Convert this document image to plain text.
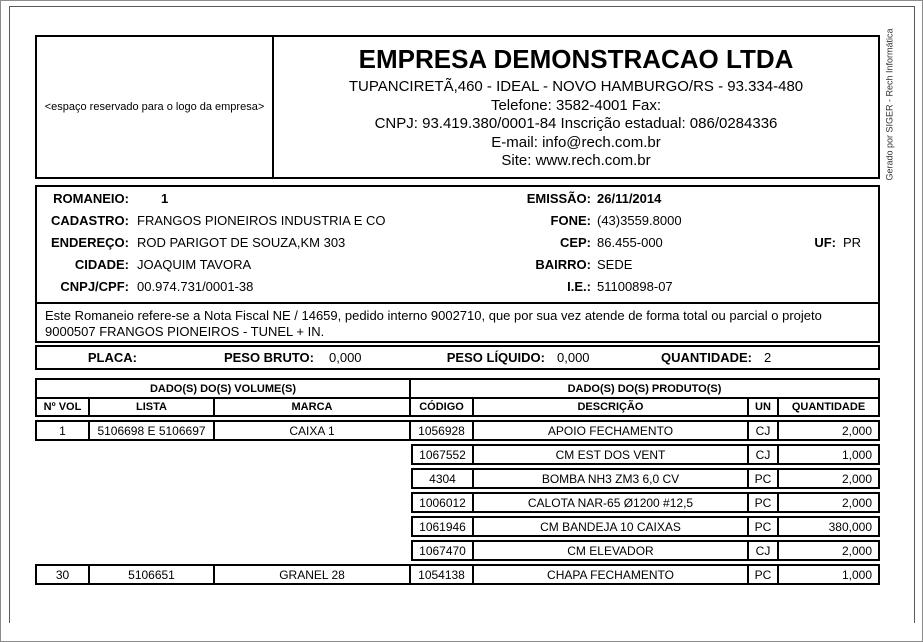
<espaço reservado para o logo da empresa>
EMPRESA DEMONSTRACAO LTDA
TUPANCIRETÃ,460 - IDEAL - NOVO HAMBURGO/RS - 93.334-480
Telefone: 3582-4001 Fax:
CNPJ: 93.419.380/0001-84 Inscrição estadual: 086/0284336
E-mail: info@rech.com.br
Site: www.rech.com.br	Gerado por SIGER - Rech Informática
ROMANEIO: 1	EMISSÃO: 26/11/2014
CADASTRO: FRANGOS PIONEIROS INDUSTRIA E CO	FONE: (43)3559.8000
ENDEREÇO: ROD PARIGOT DE SOUZA,KM 303	CEP: 86.455-000	UF: PR
CIDADE: JOAQUIM TAVORA	BAIRRO: SEDE
CNPJ/CPF: 00.974.731/0001-38	I.E.: 51100898-07
Este Romaneio refere-se a Nota Fiscal NE / 14659, pedido interno 9002710, que por sua vez atende de forma total ou parcial o projeto 9000507 FRANGOS PIONEIROS - TUNEL + IN.
PLACA:	PESO BRUTO: 0,000	PESO LÍQUIDO: 0,000	QUANTIDADE: 2
DADO(S) DO(S) VOLUME(S)	DADO(S) DO(S) PRODUTO(S)
Nº VOL	LISTA	MARCA	CÓDIGO	DESCRIÇÃO	UN	QUANTIDADE
1	5106698 E 5106697	CAIXA 1	1056928	APOIO FECHAMENTO	CJ	2,000
1067552	CM EST DOS VENT	CJ	1,000
4304	BOMBA NH3 ZM3 6,0 CV	PC	2,000
1006012	CALOTA NAR-65 Ø1200 #12,5	PC	2,000
1061946	CM BANDEJA 10 CAIXAS	PC	380,000
1067470	CM ELEVADOR	CJ	2,000
30	5106651	GRANEL 28	1054138	CHAPA FECHAMENTO	PC	1,000
